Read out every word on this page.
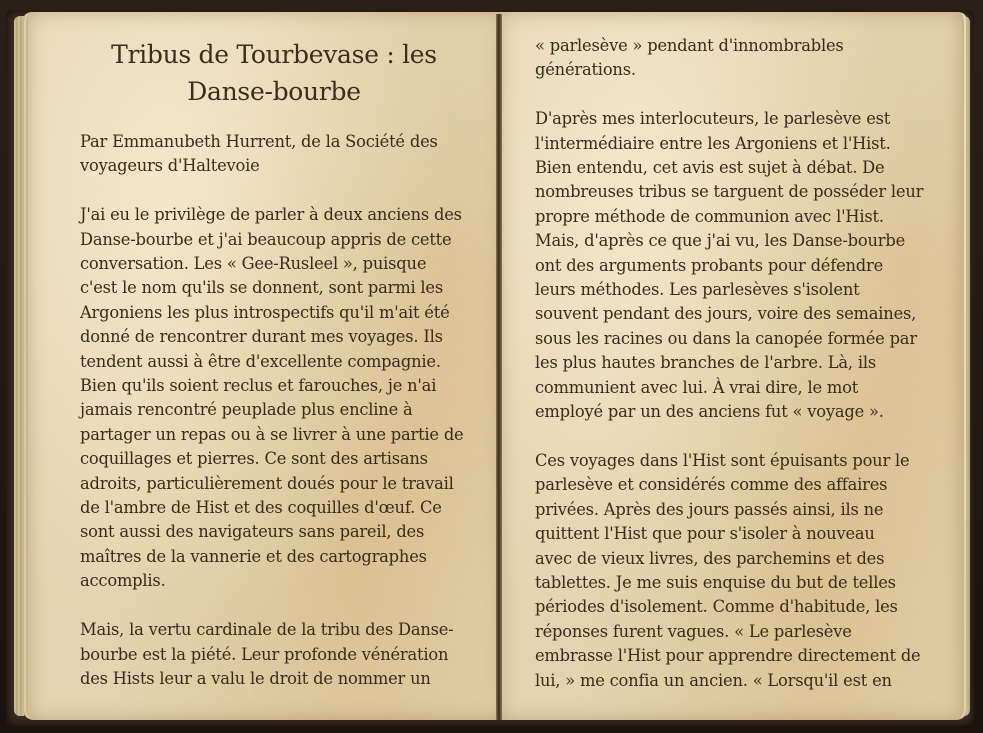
Tribus de Tourbevase : les
Danse-bourbe
Par Emmanubeth Hurrent, de la Société des
voyageurs d'Haltevoie
J'ai eu le privilège de parler à deux anciens des
Danse-bourbe et j'ai beaucoup appris de cette
conversation. Les « Gee-Rusleel », puisque
c'est le nom qu'ils se donnent, sont parmi les
Argoniens les plus introspectifs qu'il m'ait été
donné de rencontrer durant mes voyages. Ils
tendent aussi à être d'excellente compagnie.
Bien qu'ils soient reclus et farouches, je n'ai
jamais rencontré peuplade plus encline à
partager un repas ou à se livrer à une partie de
coquillages et pierres. Ce sont des artisans
adroits, particulièrement doués pour le travail
de l'ambre de Hist et des coquilles d'œuf. Ce
sont aussi des navigateurs sans pareil, des
maîtres de la vannerie et des cartographes
accomplis.
Mais, la vertu cardinale de la tribu des Danse-
bourbe est la piété. Leur profonde vénération
des Hists leur a valu le droit de nommer un
« parlesève » pendant d'innombrables
générations.
D'après mes interlocuteurs, le parlesève est
l'intermédiaire entre les Argoniens et l'Hist.
Bien entendu, cet avis est sujet à débat. De
nombreuses tribus se targuent de posséder leur
propre méthode de communion avec l'Hist.
Mais, d'après ce que j'ai vu, les Danse-bourbe
ont des arguments probants pour défendre
leurs méthodes. Les parlesèves s'isolent
souvent pendant des jours, voire des semaines,
sous les racines ou dans la canopée formée par
les plus hautes branches de l'arbre. Là, ils
communient avec lui. À vrai dire, le mot
employé par un des anciens fut « voyage ».
Ces voyages dans l'Hist sont épuisants pour le
parlesève et considérés comme des affaires
privées. Après des jours passés ainsi, ils ne
quittent l'Hist que pour s'isoler à nouveau
avec de vieux livres, des parchemins et des
tablettes. Je me suis enquise du but de telles
périodes d'isolement. Comme d'habitude, les
réponses furent vagues. « Le parlesève
embrasse l'Hist pour apprendre directement de
lui, » me confia un ancien. « Lorsqu'il est en
